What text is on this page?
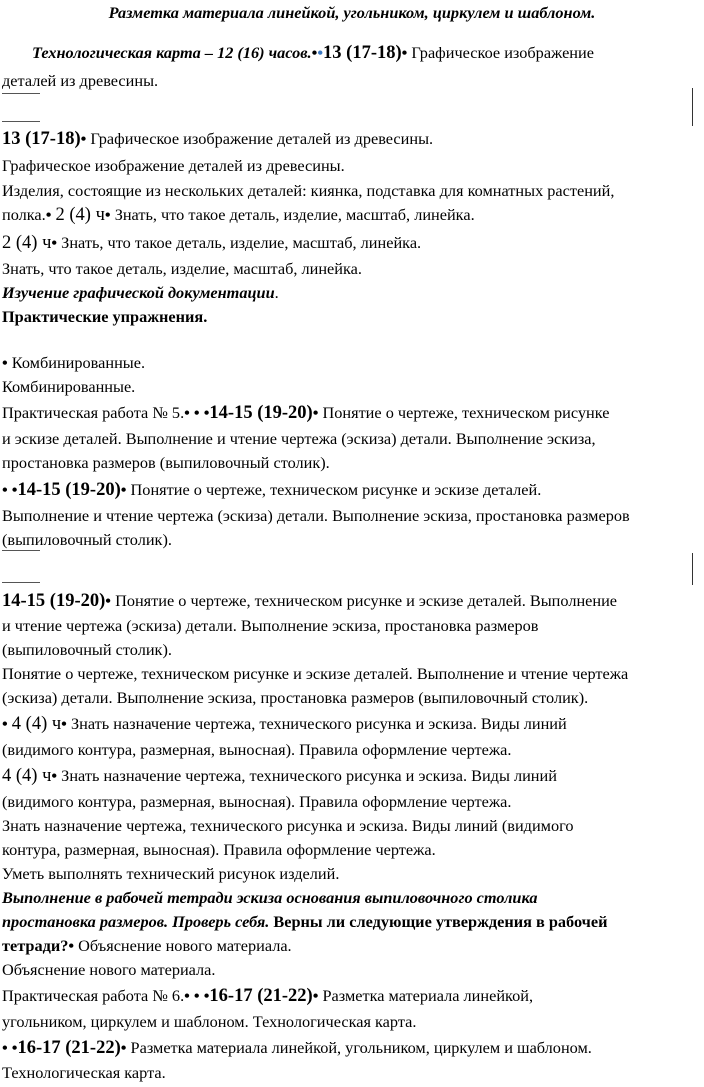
Разметка материала линейкой, угольником, циркулем и шаблоном.
Технологическая карта – 12 (16) часов.••13 (17-18)• Графическое изображение
деталей из древесины.
13 (17-18)• Графическое изображение деталей из древесины.
Графическое изображение деталей из древесины.
Изделия, состоящие из нескольких деталей: киянка, подставка для комнатных растений,
полка.• 2 (4) ч• Знать, что такое деталь, изделие, масштаб, линейка.
2 (4) ч• Знать, что такое деталь, изделие, масштаб, линейка.
Знать, что такое деталь, изделие, масштаб, линейка.
Изучение графической документации.
Практические упражнения.
• Комбинированные.
Комбинированные.
Практическая работа № 5.• • •14-15 (19-20)• Понятие о чертеже, техническом рисунке
и эскизе деталей. Выполнение и чтение чертежа (эскиза) детали. Выполнение эскиза,
простановка размеров (выпиловочный столик).
• •14-15 (19-20)• Понятие о чертеже, техническом рисунке и эскизе деталей.
Выполнение и чтение чертежа (эскиза) детали. Выполнение эскиза, простановка размеров
(выпиловочный столик).
14-15 (19-20)• Понятие о чертеже, техническом рисунке и эскизе деталей. Выполнение
и чтение чертежа (эскиза) детали. Выполнение эскиза, простановка размеров
(выпиловочный столик).
Понятие о чертеже, техническом рисунке и эскизе деталей. Выполнение и чтение чертежа
(эскиза) детали. Выполнение эскиза, простановка размеров (выпиловочный столик).
• 4 (4) ч• Знать назначение чертежа, технического рисунка и эскиза. Виды линий
(видимого контура, размерная, выносная). Правила оформление чертежа.
4 (4) ч• Знать назначение чертежа, технического рисунка и эскиза. Виды линий
(видимого контура, размерная, выносная). Правила оформление чертежа.
Знать назначение чертежа, технического рисунка и эскиза. Виды линий (видимого
контура, размерная, выносная). Правила оформление чертежа.
Уметь выполнять технический рисунок изделий.
Выполнение в рабочей тетради эскиза основания выпиловочного столика
простановка размеров. Проверь себя. Верны ли следующие утверждения в рабочей
тетради?• Объяснение нового материала.
Объяснение нового материала.
Практическая работа № 6.• • •16-17 (21-22)• Разметка материала линейкой,
угольником, циркулем и шаблоном. Технологическая карта.
• •16-17 (21-22)• Разметка материала линейкой, угольником, циркулем и шаблоном.
Технологическая карта.
